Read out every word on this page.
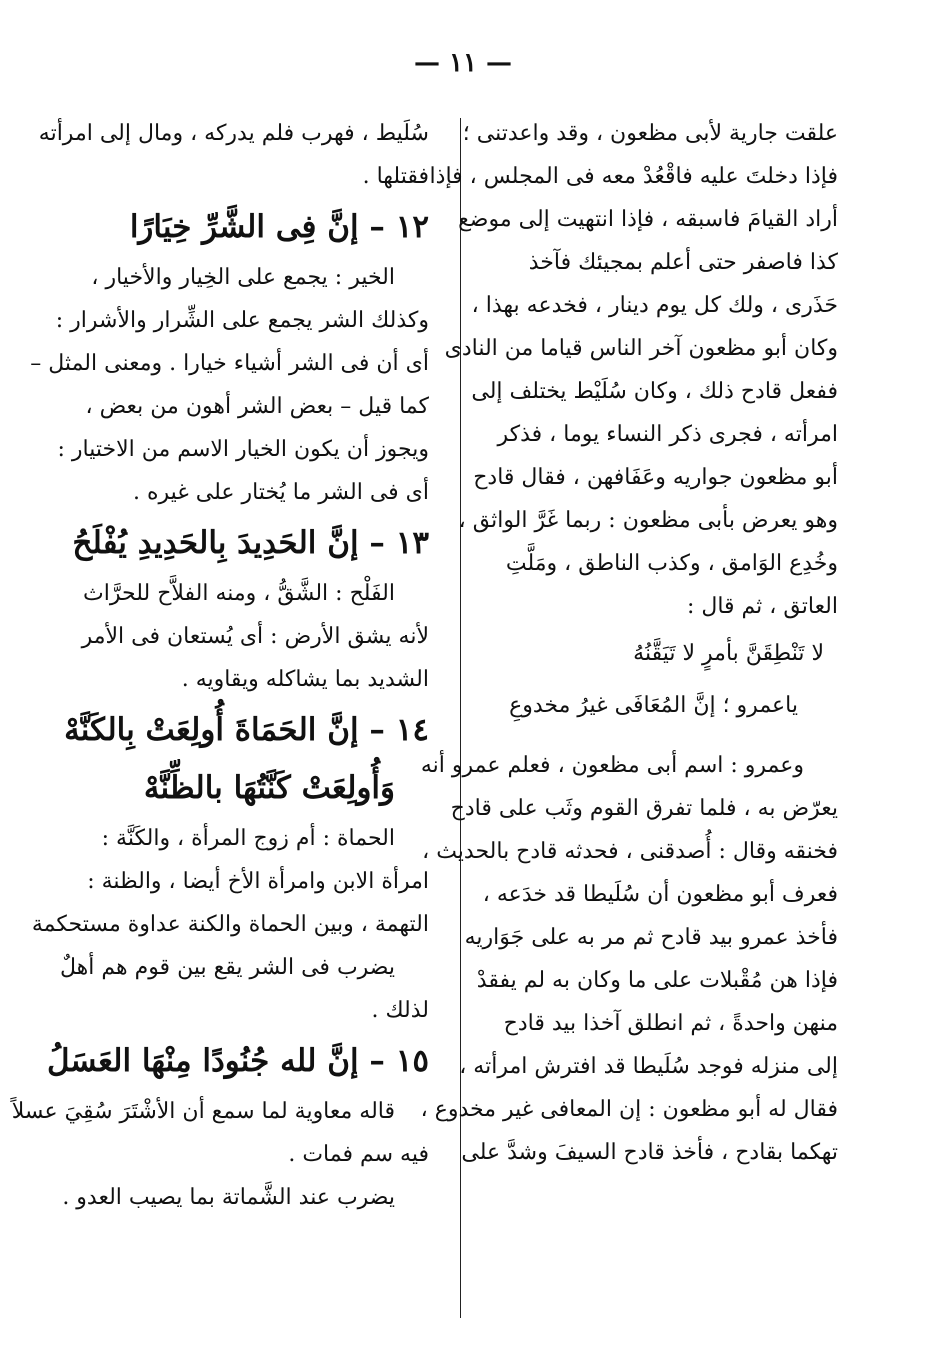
— ١١ —
علقت جارية لأبى مظعون ، وقد واعدتنى ؛
فإذا دخلتَ عليه فاقْعُدْ معه فى المجلس ، فإذا
أراد القيامَ فاسبقه ، فإذا انتهيت إلى موضع
كذا فاصفر حتى أعلم بمجيئك فآخذ
حَذَرى ، ولك كل يوم دينار ، فخدعه بهذا ،
وكان أبو مظعون آخر الناس قياما من النادى
ففعل قادح ذلك ، وكان سُلَيْط يختلف إلى
امرأته ، فجرى ذكر النساء يوما ، فذكر
أبو مظعون جواريه وعَفَافهن ، فقال قادح
وهو يعرض بأبى مظعون : ربما غَرَّ الواثق ،
وخُدِع الوَامق ، وكذب الناطق ، ومَلَّتِ
العاتق ، ثم قال :
لا تَنْطِقَنَّ بأمرٍ لا تَيَقَّنُهُ
ياعمرو ؛ إنَّ المُعَافَى غيرُ مخدوعِ
وعمرو : اسم أبى مظعون ، فعلم عمرو أنه
يعرّض به ، فلما تفرق القوم وثَب على قادح
فخنقه وقال : أُصدقنى ، فحدثه قادح بالحديث ،
فعرف أبو مظعون أن سُلَيطا قد خدَعه ،
فأخذ عمرو بيد قادح ثم مر به على جَوَاريه
فإذا هن مُقْبلات على ما وكان به لم يفقدْ
منهن واحدةً ، ثم انطلق آخذا بيد قادح
إلى منزله فوجد سُلَيطا قد افترش امرأته ،
فقال له أبو مظعون : إن المعافى غير مخدوع ،
تهكما بقادح ، فأخذ قادح السيفَ وشدَّ على
سُلَيط ، فهرب فلم يدركه ، ومال إلى امرأته
فقتلها .
١٢ – إنَّ فِى الشَّرِّ خِيَارًا
الخير : يجمع على الخِيار والأخيار ،
وكذلك الشر يجمع على الشِّرار والأشرار :
أى أن فى الشر أشياء خيارا . ومعنى المثل –
كما قيل – بعض الشر أهون من بعض ،
ويجوز أن يكون الخيار الاسم من الاختيار :
أى فى الشر ما يُختار على غيره .
١٣ – إنَّ الحَدِيدَ بِالحَدِيدِ يُفْلَحُ
الفَلْح : الشَّقُّ ، ومنه الفلاَّح للحرَّاث
لأنه يشق الأرض : أى يُستعان فى الأمر
الشديد بما يشاكله ويقاويه .
١٤ – إنَّ الحَمَاةَ أُولِعَتْ بِالكَنَّهْ
وَأُولِعَتْ كَنَّتُهَا بالظِّنَّهْ
الحماة : أم زوج المرأة ، والكَنَّة :
امرأة الابن وامرأة الأخ أيضا ، والظنة :
التهمة ، وبين الحماة والكنة عداوة مستحكمة
يضرب فى الشر يقع بين قوم هم أهلٌ
لذلك .
١٥ – إنَّ لله جُنُودًا مِنْهَا العَسَلُ
قاله معاوية لما سمع أن الأشْتَرَ سُقِيَ عسلاً
فيه سم فمات .
يضرب عند الشَّماتة بما يصيب العدو .
